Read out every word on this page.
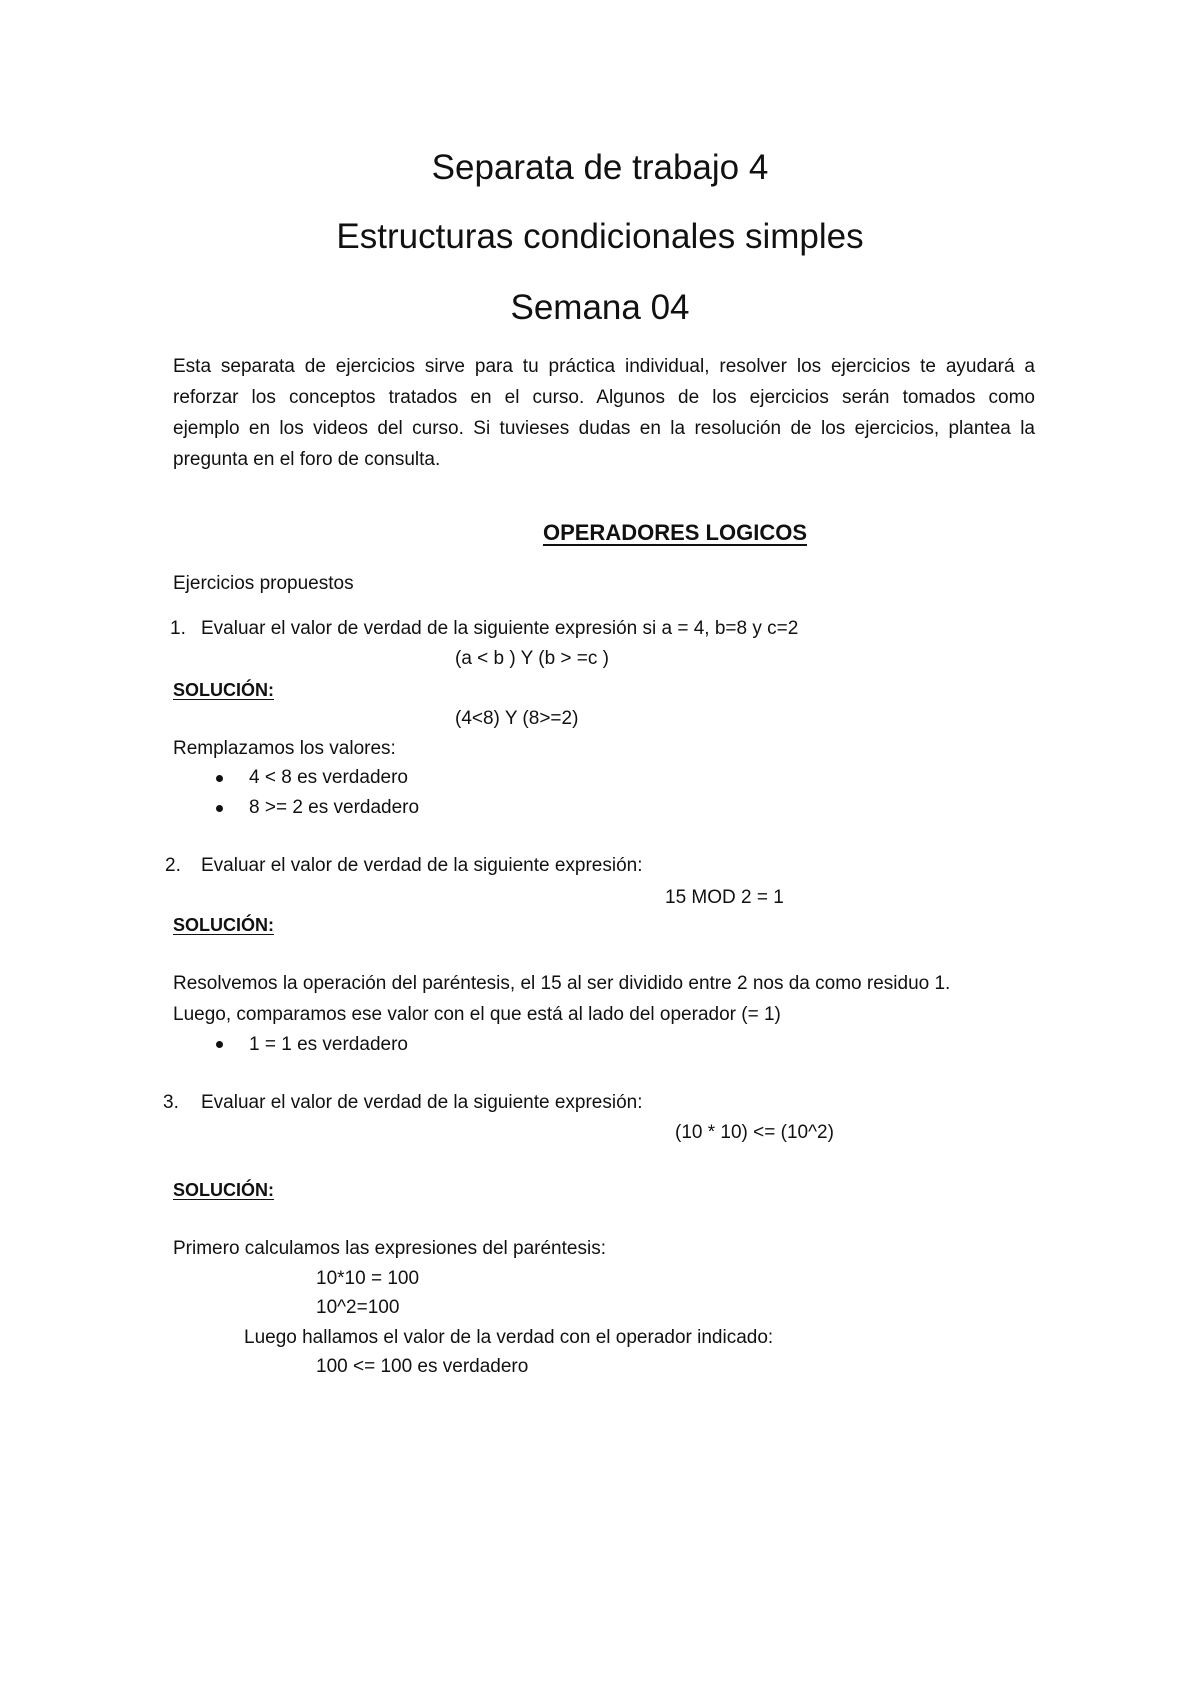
Separata de trabajo 4
Estructuras condicionales simples
Semana 04

Esta separata de ejercicios sirve para tu práctica individual, resolver los ejercicios te ayudará a

reforzar los conceptos tratados en el curso. Algunos de los ejercicios serán tomados como

ejemplo en los videos del curso. Si tuvieses dudas en la resolución de los ejercicios, plantea la

pregunta en el foro de consulta.

OPERADORES LOGICOS
Ejercicios propuestos
1. Evaluar el valor de verdad de la siguiente expresión si a = 4, b=8 y c=2
(a < b ) Y (b > =c )
SOLUCIÓN:
(4<8) Y (8>=2)
Remplazamos los valores:
4 < 8 es verdadero
8 >= 2 es verdadero
2. Evaluar el valor de verdad de la siguiente expresión:
15 MOD 2 = 1
SOLUCIÓN:
Resolvemos la operación del paréntesis, el 15 al ser dividido entre 2 nos da como residuo 1.
Luego, comparamos ese valor con el que está al lado del operador (= 1)
1 = 1 es verdadero
3. Evaluar el valor de verdad de la siguiente expresión:
(10 * 10) <= (10^2)
SOLUCIÓN:
Primero calculamos las expresiones del paréntesis:
10*10 = 100
10^2=100
Luego hallamos el valor de la verdad con el operador indicado:
100 <= 100 es verdadero
